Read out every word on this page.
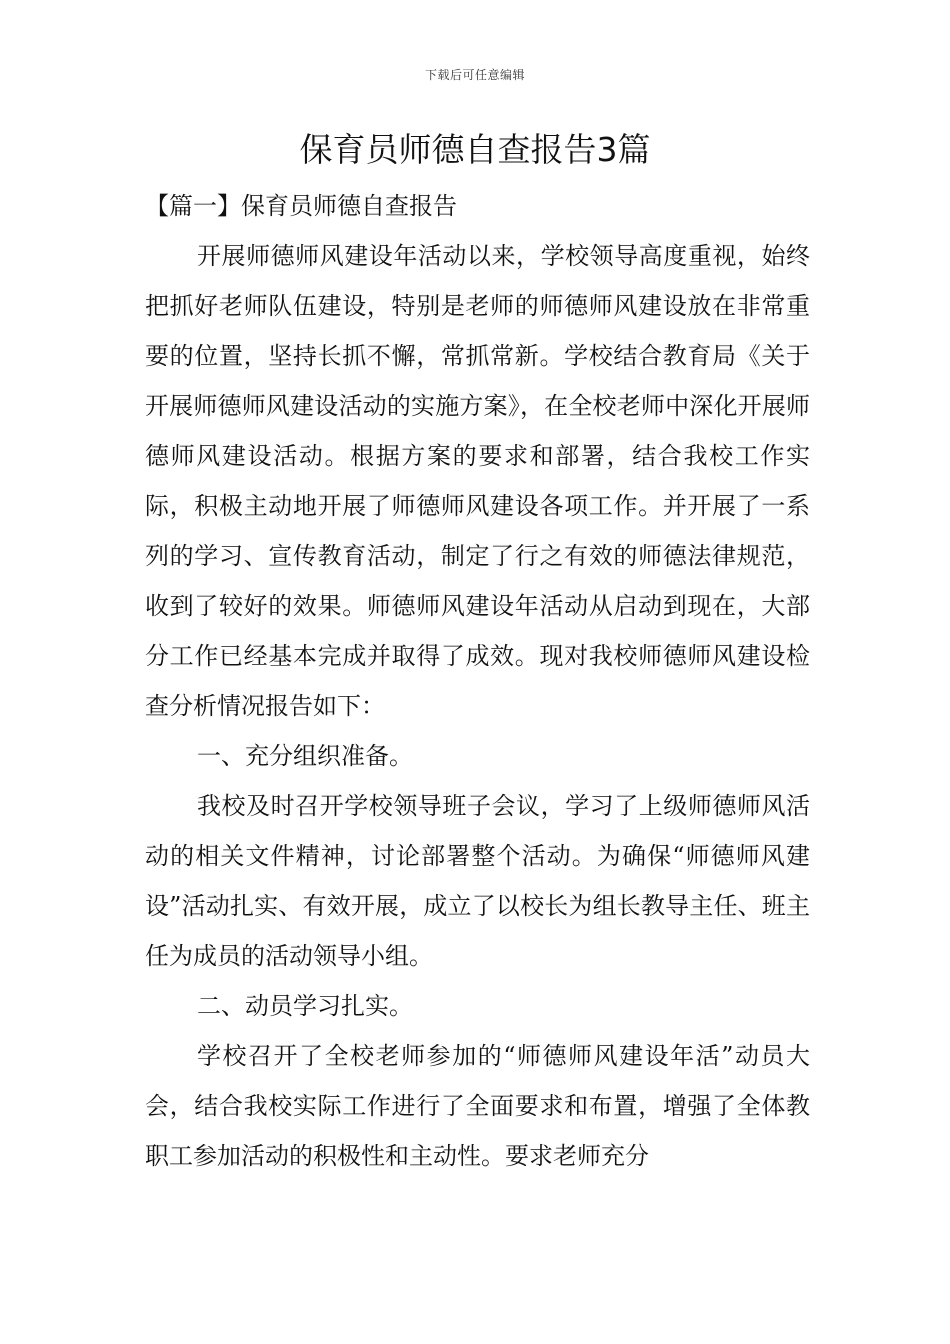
下载后可任意编辑
保育员师德自查报告3篇

【篇一】保育员师德自查报告

开展师德师风建设年活动以来，学校领导高度重视，始终把抓好老师队伍建设，特别是老师的师德师风建设放在非常重要的位置，坚持长抓不懈，常抓常新。学校结合教育局《关于开展师德师风建设活动的实施方案》，在全校老师中深化开展师德师风建设活动。根据方案的要求和部署，结合我校工作实际，积极主动地开展了师德师风建设各项工作。并开展了一系列的学习、宣传教育活动，制定了行之有效的师德法律规范，收到了较好的效果。师德师风建设年活动从启动到现在，大部分工作已经基本完成并取得了成效。现对我校师德师风建设检查分析情况报告如下：

一、充分组织准备。

我校及时召开学校领导班子会议，学习了上级师德师风活动的相关文件精神，讨论部署整个活动。为确保“师德师风建设”活动扎实、有效开展，成立了以校长为组长教导主任、班主任为成员的活动领导小组。

二、动员学习扎实。

学校召开了全校老师参加的“师德师风建设年活”动员大会，结合我校实际工作进行了全面要求和布置，增强了全体教职工参加活动的积极性和主动性。要求老师充分
